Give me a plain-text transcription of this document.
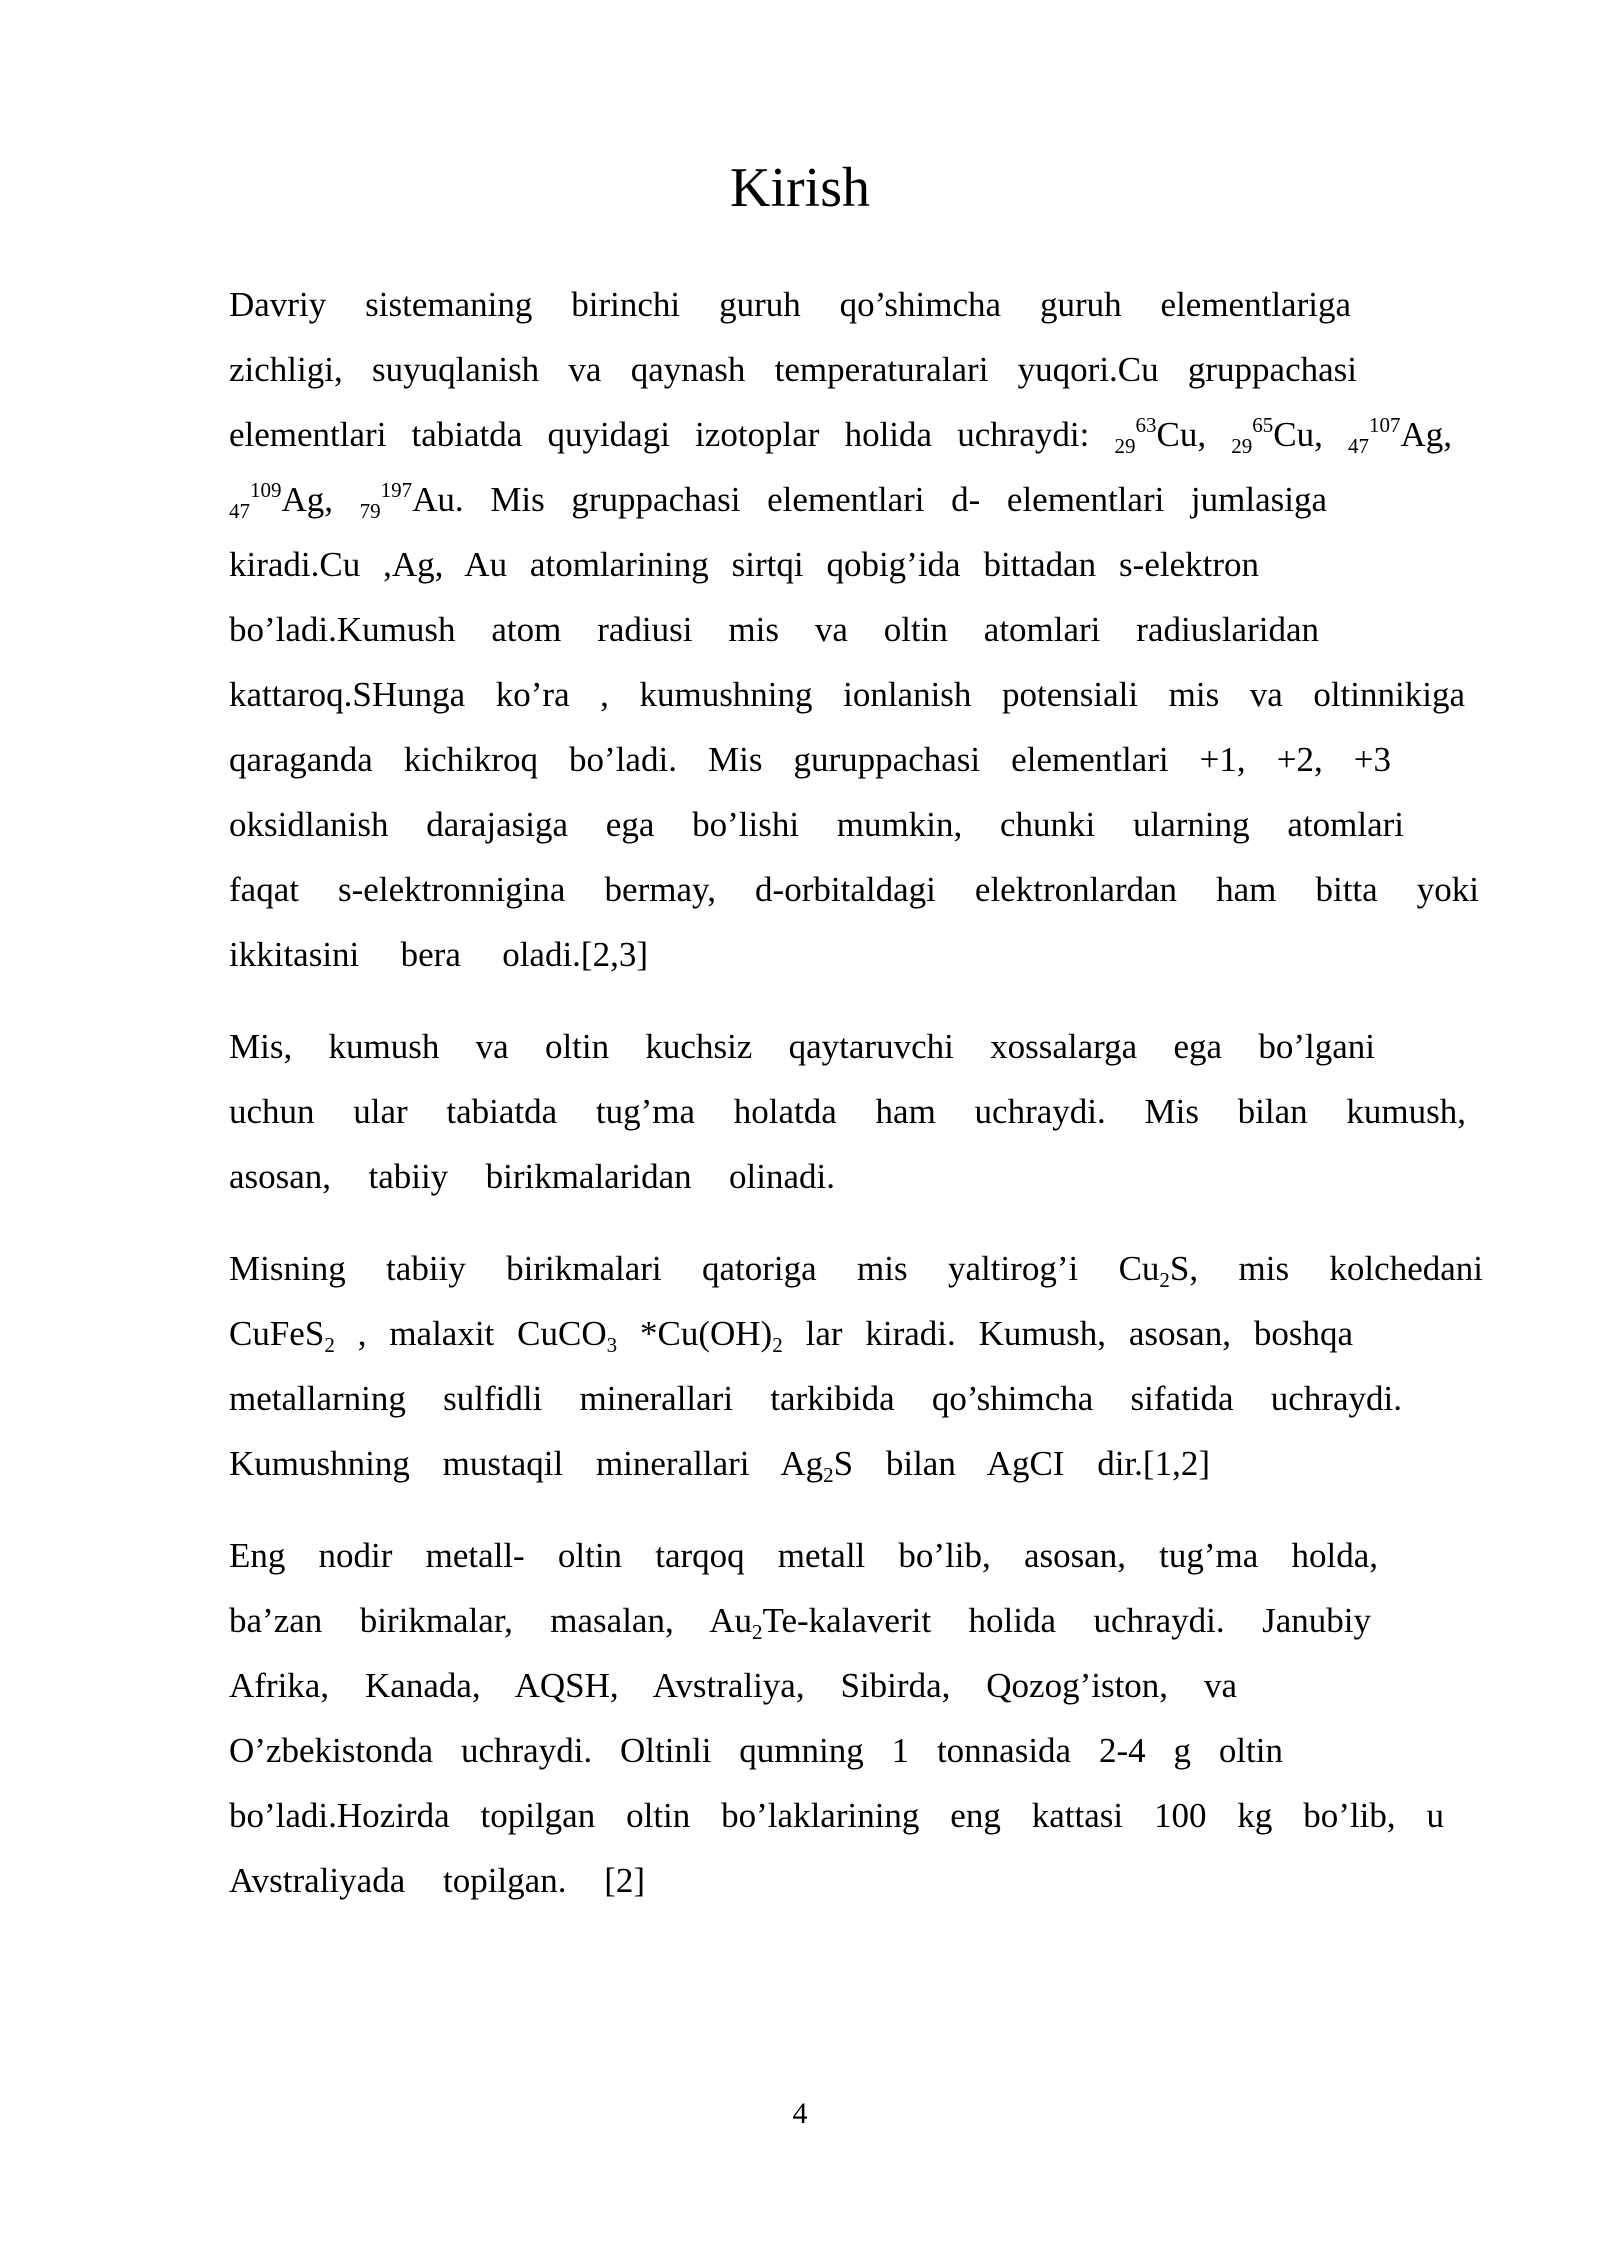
Kirish
Davriy sistemaning birinchi guruh qo’shimcha guruh elementlariga
zichligi, suyuqlanish va qaynash temperaturalari yuqori.Cu gruppachasi
elementlari tabiatda quyidagi izotoplar holida uchraydi: $_{29}^{63}$Cu, $_{29}^{65}$Cu, $_{47}^{107}$Ag,
$_{47}^{109}$Ag, $_{79}^{197}$Au. Mis gruppachasi elementlari d- elementlari jumlasiga
kiradi.Cu ,Ag, Au atomlarining sirtqi qobig’ida bittadan s-elektron
bo’ladi.Kumush atom radiusi mis va oltin atomlari radiuslaridan
kattaroq.SHunga ko’ra , kumushning ionlanish potensiali mis va oltinnikiga
qaraganda kichikroq bo’ladi. Mis guruppachasi elementlari +1, +2, +3
oksidlanish darajasiga ega bo’lishi mumkin, chunki ularning atomlari
faqat s-elektronnigina bermay, d-orbitaldagi elektronlardan ham bitta yoki
ikkitasini bera oladi.[2,3]
Mis, kumush va oltin kuchsiz qaytaruvchi xossalarga ega bo’lgani
uchun ular tabiatda tug’ma holatda ham uchraydi. Mis bilan kumush,
asosan, tabiiy birikmalaridan olinadi.
Misning tabiiy birikmalari qatoriga mis yaltirog’i $Cu_2S$, mis kolchedani
CuFeS$_2$ , malaxit CuCO$_3$ $*Cu(OH)_2$ lar kiradi. Kumush, asosan, boshqa
metallarning sulfidli minerallari tarkibida qo’shimcha sifatida uchraydi.
Kumushning mustaqil minerallari $Ag_2S$ bilan AgCI dir.[1,2]
Eng nodir metall- oltin tarqoq metall bo’lib, asosan, tug’ma holda,
ba’zan birikmalar, masalan, $Au_2Te$-kalaverit holida uchraydi. Janubiy
Afrika, Kanada, AQSH, Avstraliya, Sibirda, Qozog’iston, va
O’zbekistonda uchraydi. Oltinli qumning 1 tonnasida 2-4 g oltin
bo’ladi.Hozirda topilgan oltin bo’laklarining eng kattasi 100 kg bo’lib, u
Avstraliyada topilgan. [2]
4
